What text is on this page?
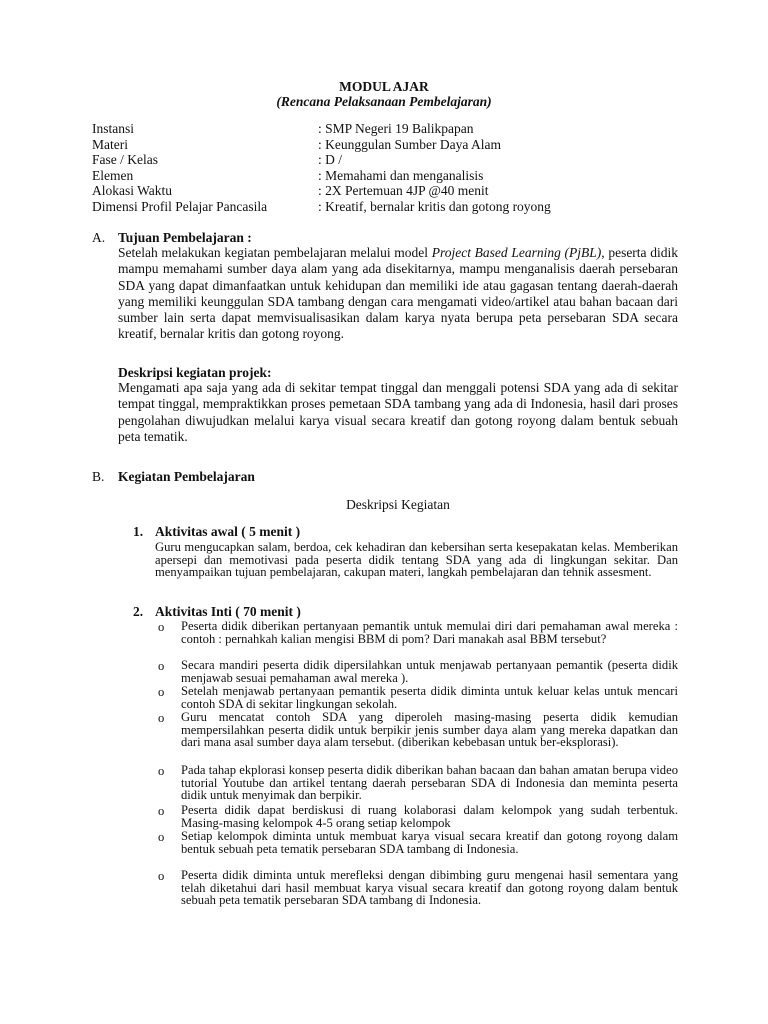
MODUL AJAR
(Rencana Pelaksanaan Pembelajaran)
Instansi	: SMP Negeri 19 Balikpapan
Materi	: Keunggulan Sumber Daya Alam
Fase / Kelas	: D /
Elemen	: Memahami dan menganalisis
Alokasi Waktu	: 2X Pertemuan 4JP @40 menit
Dimensi Profil Pelajar Pancasila	: Kreatif, bernalar kritis dan gotong royong
A. Tujuan Pembelajaran :
Setelah melakukan kegiatan pembelajaran melalui model Project Based Learning (PjBL), peserta didik mampu memahami sumber daya alam yang ada disekitarnya, mampu menganalisis daerah persebaran SDA yang dapat dimanfaatkan untuk kehidupan dan memiliki ide atau gagasan tentang daerah-daerah yang memiliki keunggulan SDA tambang dengan cara mengamati video/artikel atau bahan bacaan dari sumber lain serta dapat memvisualisasikan dalam karya nyata berupa peta persebaran SDA secara kreatif, bernalar kritis dan gotong royong.
Deskripsi kegiatan projek:
Mengamati apa saja yang ada di sekitar tempat tinggal dan menggali potensi SDA yang ada di sekitar tempat tinggal, mempraktikkan proses pemetaan SDA tambang yang ada di Indonesia, hasil dari proses pengolahan diwujudkan melalui karya visual secara kreatif dan gotong royong dalam bentuk sebuah peta tematik.
B. Kegiatan Pembelajaran
Deskripsi Kegiatan
1. Aktivitas awal ( 5 menit )
Guru mengucapkan salam, berdoa, cek kehadiran dan kebersihan serta kesepakatan kelas. Memberikan apersepi dan memotivasi pada peserta didik tentang SDA yang ada di lingkungan sekitar. Dan menyampaikan tujuan pembelajaran, cakupan materi, langkah pembelajaran dan tehnik assesment.
2. Aktivitas Inti ( 70 menit )
o Peserta didik diberikan pertanyaan pemantik untuk memulai diri dari pemahaman awal mereka : contoh : pernahkah kalian mengisi BBM di pom? Dari manakah asal BBM tersebut?
o Secara mandiri peserta didik dipersilahkan untuk menjawab pertanyaan pemantik (peserta didik menjawab sesuai pemahaman awal mereka ).
o Setelah menjawab pertanyaan pemantik peserta didik diminta untuk keluar kelas untuk mencari contoh SDA di sekitar lingkungan sekolah.
o Guru mencatat contoh SDA yang diperoleh masing-masing peserta didik kemudian mempersilahkan peserta didik untuk berpikir jenis sumber daya alam yang mereka dapatkan dan dari mana asal sumber daya alam tersebut. (diberikan kebebasan untuk ber-eksplorasi).
o Pada tahap ekplorasi konsep peserta didik diberikan bahan bacaan dan bahan amatan berupa video tutorial Youtube dan artikel tentang daerah persebaran SDA di Indonesia dan meminta peserta didik untuk menyimak dan berpikir.
o Peserta didik dapat berdiskusi di ruang kolaborasi dalam kelompok yang sudah terbentuk. Masing-masing kelompok 4-5 orang setiap kelompok
o Setiap kelompok diminta untuk membuat karya visual secara kreatif dan gotong royong dalam bentuk sebuah peta tematik persebaran SDA tambang di Indonesia.
o Peserta didik diminta untuk merefleksi dengan dibimbing guru mengenai hasil sementara yang telah diketahui dari hasil membuat karya visual secara kreatif dan gotong royong dalam bentuk sebuah peta tematik persebaran SDA tambang di Indonesia.
